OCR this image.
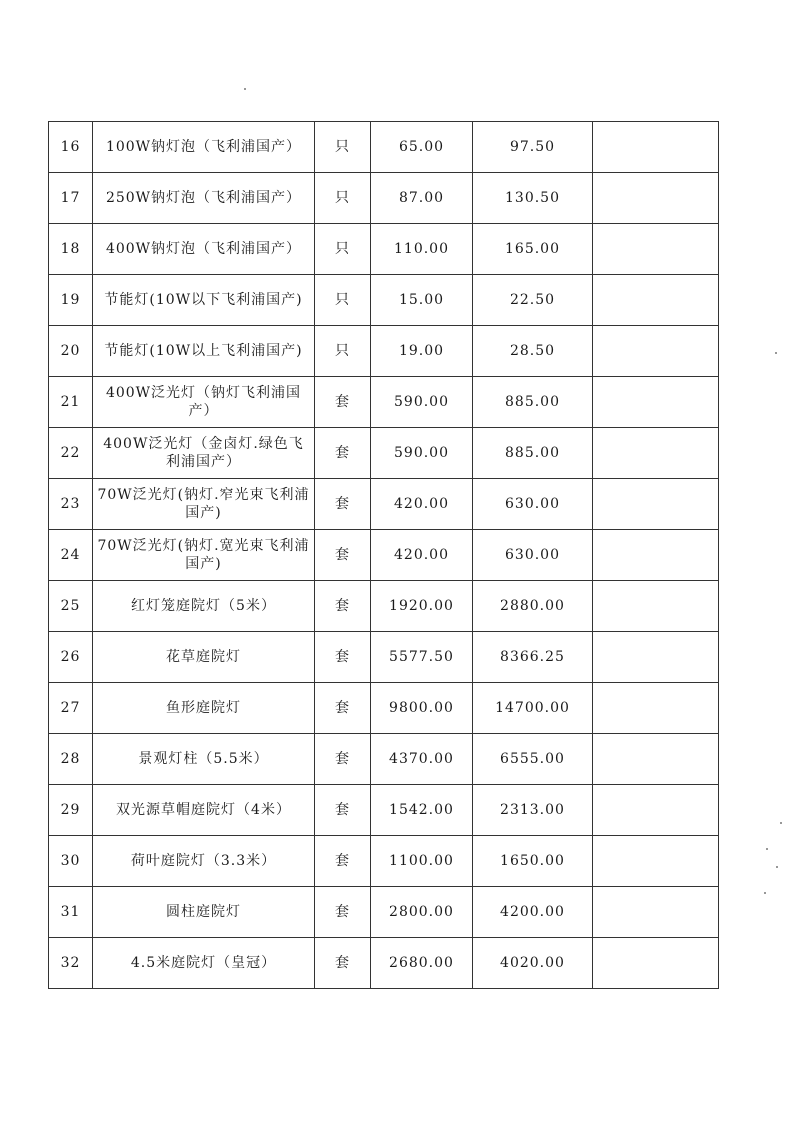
16	100W钠灯泡（飞利浦国产）	只	65.00	97.50	
17	250W钠灯泡（飞利浦国产）	只	87.00	130.50	
18	400W钠灯泡（飞利浦国产）	只	110.00	165.00	
19	节能灯(10W以下飞利浦国产)	只	15.00	22.50	
20	节能灯(10W以上飞利浦国产)	只	19.00	28.50	
21	400W泛光灯（钠灯飞利浦国产）	套	590.00	885.00	
22	400W泛光灯（金卤灯.绿色飞利浦国产）	套	590.00	885.00	
23	70W泛光灯(钠灯.窄光束飞利浦国产)	套	420.00	630.00	
24	70W泛光灯(钠灯.宽光束飞利浦国产)	套	420.00	630.00	
25	红灯笼庭院灯（5米）	套	1920.00	2880.00	
26	花草庭院灯	套	5577.50	8366.25	
27	鱼形庭院灯	套	9800.00	14700.00	
28	景观灯柱（5.5米）	套	4370.00	6555.00	
29	双光源草帽庭院灯（4米）	套	1542.00	2313.00	
30	荷叶庭院灯（3.3米）	套	1100.00	1650.00	
31	圆柱庭院灯	套	2800.00	4200.00	
32	4.5米庭院灯（皇冠）	套	2680.00	4020.00	
